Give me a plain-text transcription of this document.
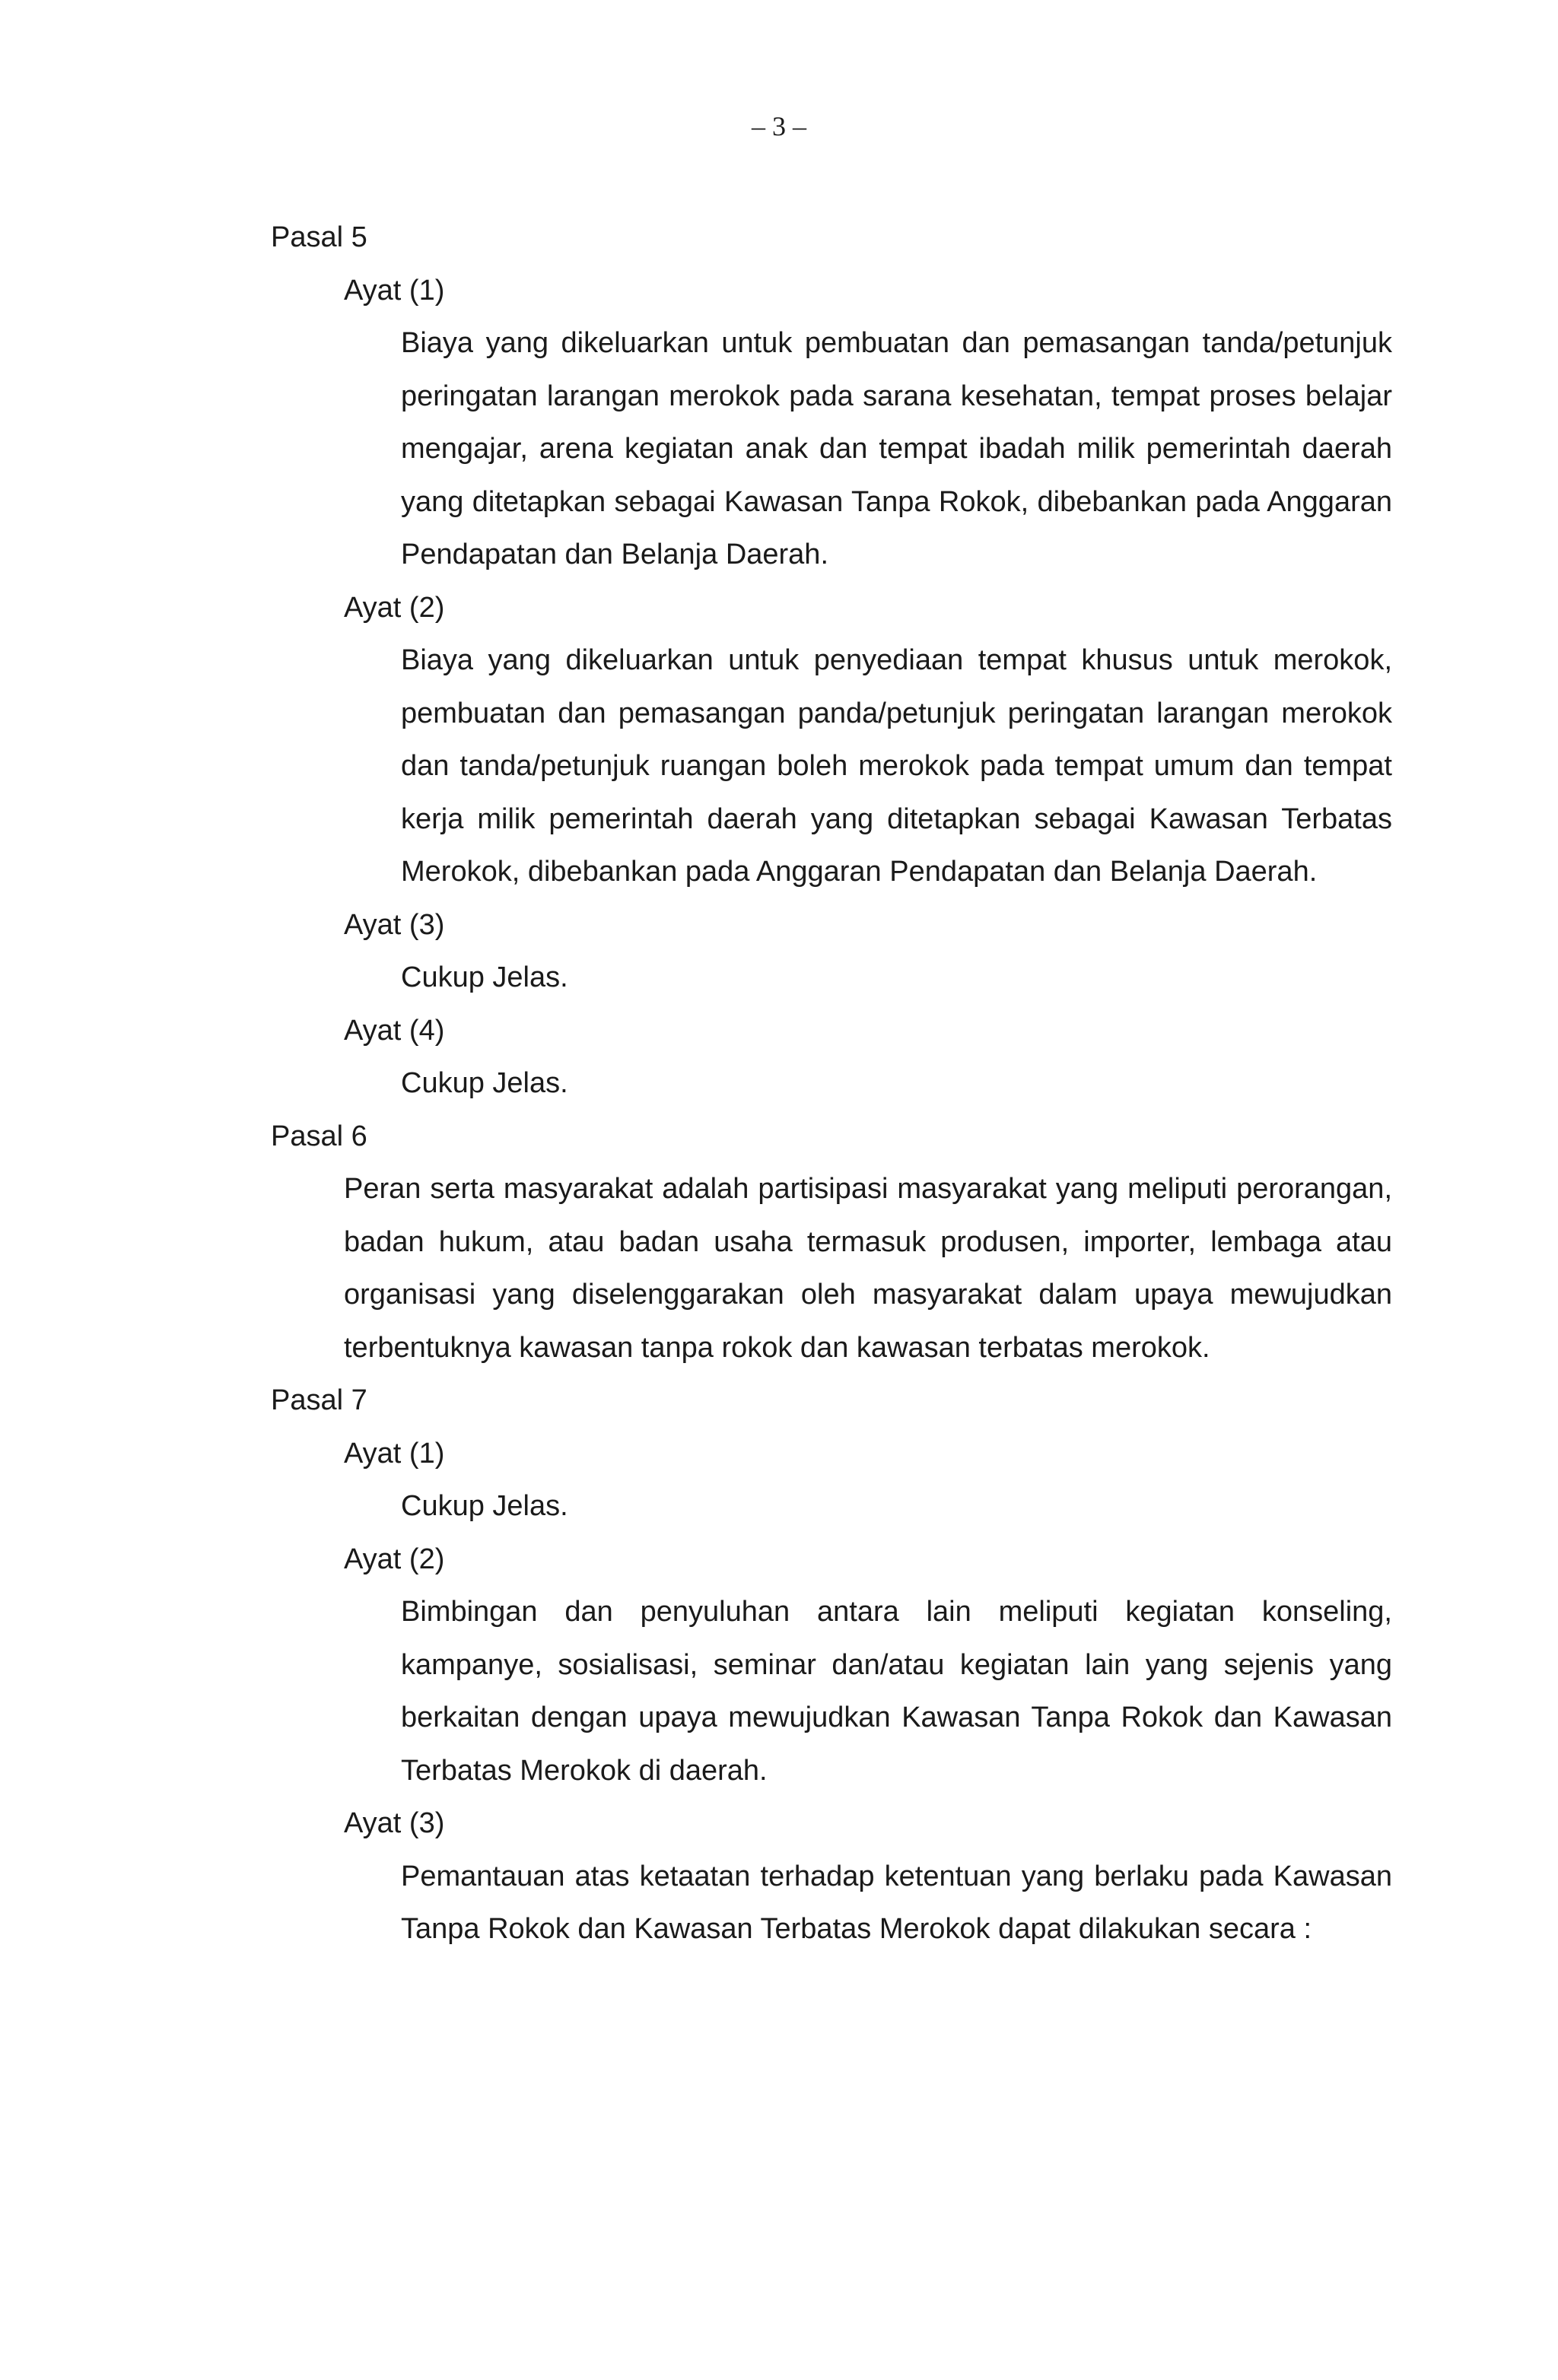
– 3 –
Pasal 5
Ayat (1)
Biaya yang dikeluarkan untuk pembuatan dan pemasangan tanda/petunjuk peringatan larangan merokok pada sarana kesehatan, tempat proses belajar mengajar, arena kegiatan anak dan tempat ibadah milik pemerintah daerah yang ditetapkan sebagai Kawasan Tanpa Rokok, dibebankan pada Anggaran Pendapatan dan Belanja Daerah.
Ayat (2)
Biaya yang dikeluarkan untuk penyediaan tempat khusus untuk merokok, pembuatan dan pemasangan panda/petunjuk peringatan larangan merokok dan tanda/petunjuk ruangan boleh merokok pada tempat umum dan tempat kerja milik pemerintah daerah yang ditetapkan sebagai Kawasan Terbatas Merokok, dibebankan pada Anggaran Pendapatan dan Belanja Daerah.
Ayat (3)
Cukup Jelas.
Ayat (4)
Cukup Jelas.
Pasal 6
Peran serta masyarakat adalah partisipasi masyarakat yang meliputi perorangan, badan hukum, atau badan usaha termasuk produsen, importer, lembaga atau organisasi yang diselenggarakan oleh masyarakat dalam upaya mewujudkan terbentuknya kawasan tanpa rokok dan kawasan terbatas merokok.
Pasal 7
Ayat (1)
Cukup Jelas.
Ayat (2)
Bimbingan dan penyuluhan antara lain meliputi kegiatan konseling, kampanye, sosialisasi, seminar dan/atau kegiatan lain yang sejenis yang berkaitan dengan upaya mewujudkan Kawasan Tanpa Rokok dan Kawasan Terbatas Merokok di daerah.
Ayat (3)
Pemantauan atas ketaatan terhadap ketentuan yang berlaku pada Kawasan Tanpa Rokok dan Kawasan Terbatas Merokok dapat dilakukan secara :
